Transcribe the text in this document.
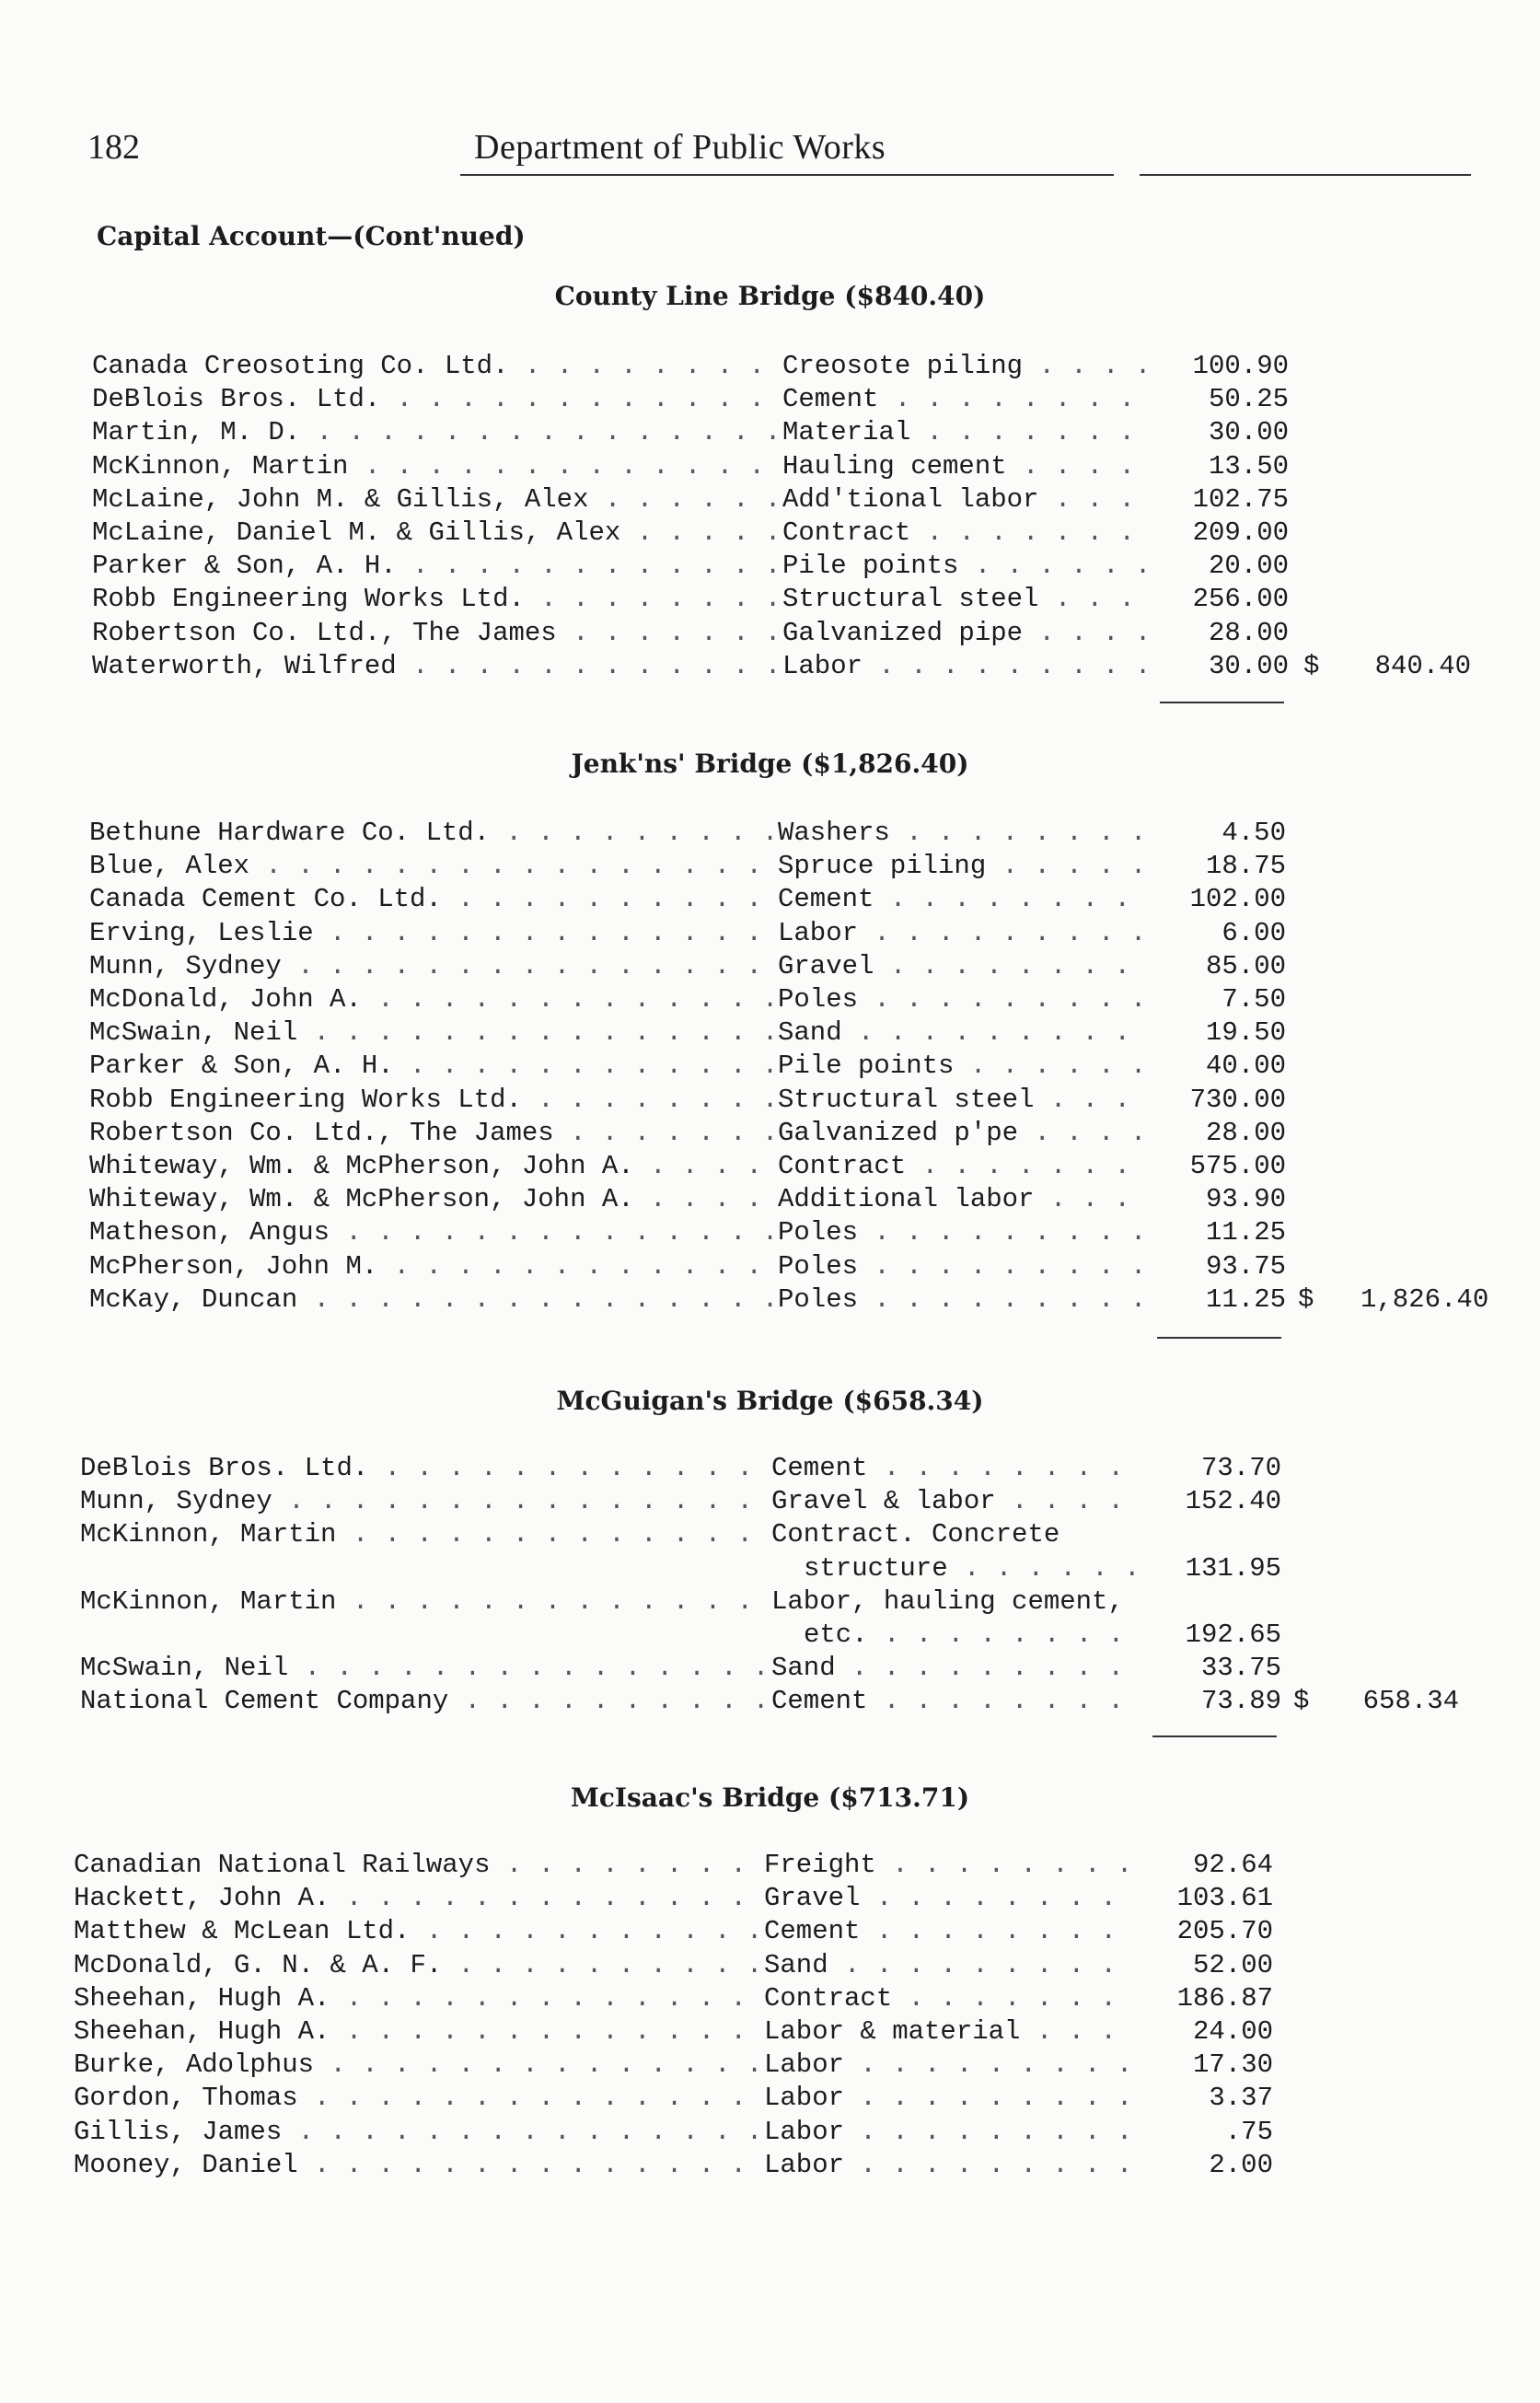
182	Department of Public Works
Capital Account—(Cont'nued)
County Line Bridge ($840.40)
Canada Creosoting Co. Ltd. . . .	Creosote piling . . .	100.90
DeBlois Bros. Ltd. . . .	Cement . . .	50.25
Martin, M. D. . . .	Material . . .	30.00
McKinnon, Martin . . .	Hauling cement . . .	13.50
McLaine, John M. & Gillis, Alex . . .	Add'tional labor . . .	102.75
McLaine, Daniel M. & Gillis, Alex . . .	Contract . . .	209.00
Parker & Son, A. H. . . .	Pile points . . .	20.00
Robb Engineering Works Ltd. . . .	Structural steel . . .	256.00
Robertson Co. Ltd., The James . . .	Galvanized pipe . . .	28.00
Waterworth, Wilfred . . .	Labor . . .	30.00 $ 840.40
Jenk'ns' Bridge ($1,826.40)
Bethune Hardware Co. Ltd. . . .	Washers . . .	4.50
Blue, Alex . . .	Spruce piling . . .	18.75
Canada Cement Co. Ltd. . . .	Cement . . .	102.00
Erving, Leslie . . .	Labor . . .	6.00
Munn, Sydney . . .	Gravel . . .	85.00
McDonald, John A. . . .	Poles . . .	7.50
McSwain, Neil . . .	Sand . . .	19.50
Parker & Son, A. H. . . .	Pile points . . .	40.00
Robb Engineering Works Ltd. . . .	Structural steel . . .	730.00
Robertson Co. Ltd., The James . . .	Galvanized p'pe . . .	28.00
Whiteway, Wm. & McPherson, John A. . . .	Contract . . .	575.00
Whiteway, Wm. & McPherson, John A. . . .	Additional labor . . .	93.90
Matheson, Angus . . .	Poles . . .	11.25
McPherson, John M. . . .	Poles . . .	93.75
McKay, Duncan . . .	Poles . . .	11.25 $ 1,826.40
McGuigan's Bridge ($658.34)
DeBlois Bros. Ltd. . . .	Cement . . .	73.70
Munn, Sydney . . .	Gravel & labor . . .	152.40
McKinnon, Martin . . .	Contract. Concrete
structure . . .	131.95
McKinnon, Martin . . .	Labor, hauling cement,
etc. . . .	192.65
McSwain, Neil . . .	Sand . . .	33.75
National Cement Company . . .	Cement . . .	73.89 $ 658.34
McIsaac's Bridge ($713.71)
Canadian National Railways . . .	Freight . . .	92.64
Hackett, John A. . . .	Gravel . . .	103.61
Matthew & McLean Ltd. . . .	Cement . . .	205.70
McDonald, G. N. & A. F. . . .	Sand . . .	52.00
Sheehan, Hugh A. . . .	Contract . . .	186.87
Sheehan, Hugh A. . . .	Labor & material . . .	24.00
Burke, Adolphus . . .	Labor . . .	17.30
Gordon, Thomas . . .	Labor . . .	3.37
Gillis, James . . .	Labor . . .	.75
Mooney, Daniel . . .	Labor . . .	2.00
